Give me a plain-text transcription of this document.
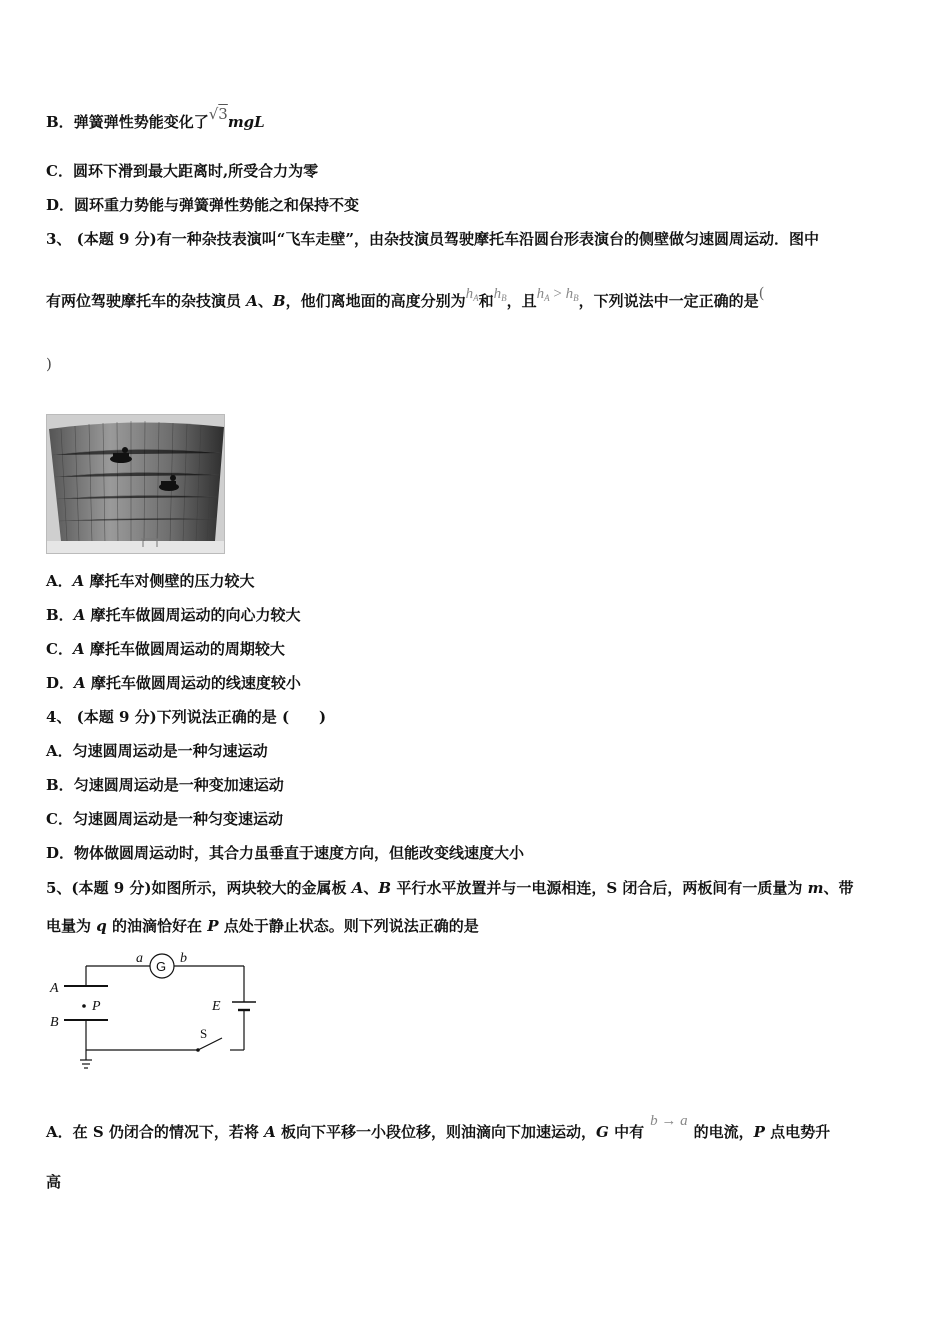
B．弹簧弹性势能变化了√3mgL
C．圆环下滑到最大距离时,所受合力为零
D．圆环重力势能与弹簧弹性势能之和保持不变
3、 (本题 9 分)有一种杂技表演叫“飞车走壁”，由杂技演员驾驶摩托车沿圆台形表演台的侧壁做匀速圆周运动．图中
有两位驾驶摩托车的杂技演员 A、B，他们离地面的高度分别为$h_A$和$h_B$，且$h_A > h_B$，下列说法中一定正确的是(
)
A．A 摩托车对侧壁的压力较大
B．A 摩托车做圆周运动的向心力较大
C．A 摩托车做圆周运动的周期较大
D．A 摩托车做圆周运动的线速度较小
4、 (本题 9 分)下列说法正确的是 (　　)
A．匀速圆周运动是一种匀速运动
B．匀速圆周运动是一种变加速运动
C．匀速圆周运动是一种匀变速运动
D．物体做圆周运动时，其合力虽垂直于速度方向，但能改变线速度大小
5、(本题 9 分)如图所示，两块较大的金属板 A、B 平行水平放置并与一电源相连，S 闭合后，两板间有一质量为 m、带
电量为 q 的油滴恰好在 P 点处于静止状态。则下列说法正确的是
a	b
A
P
B
E
G
S
A．在 S 仍闭合的情况下，若将 A 板向下平移一小段位移，则油滴向下加速运动，G 中有b → a的电流，P 点电势升
高
